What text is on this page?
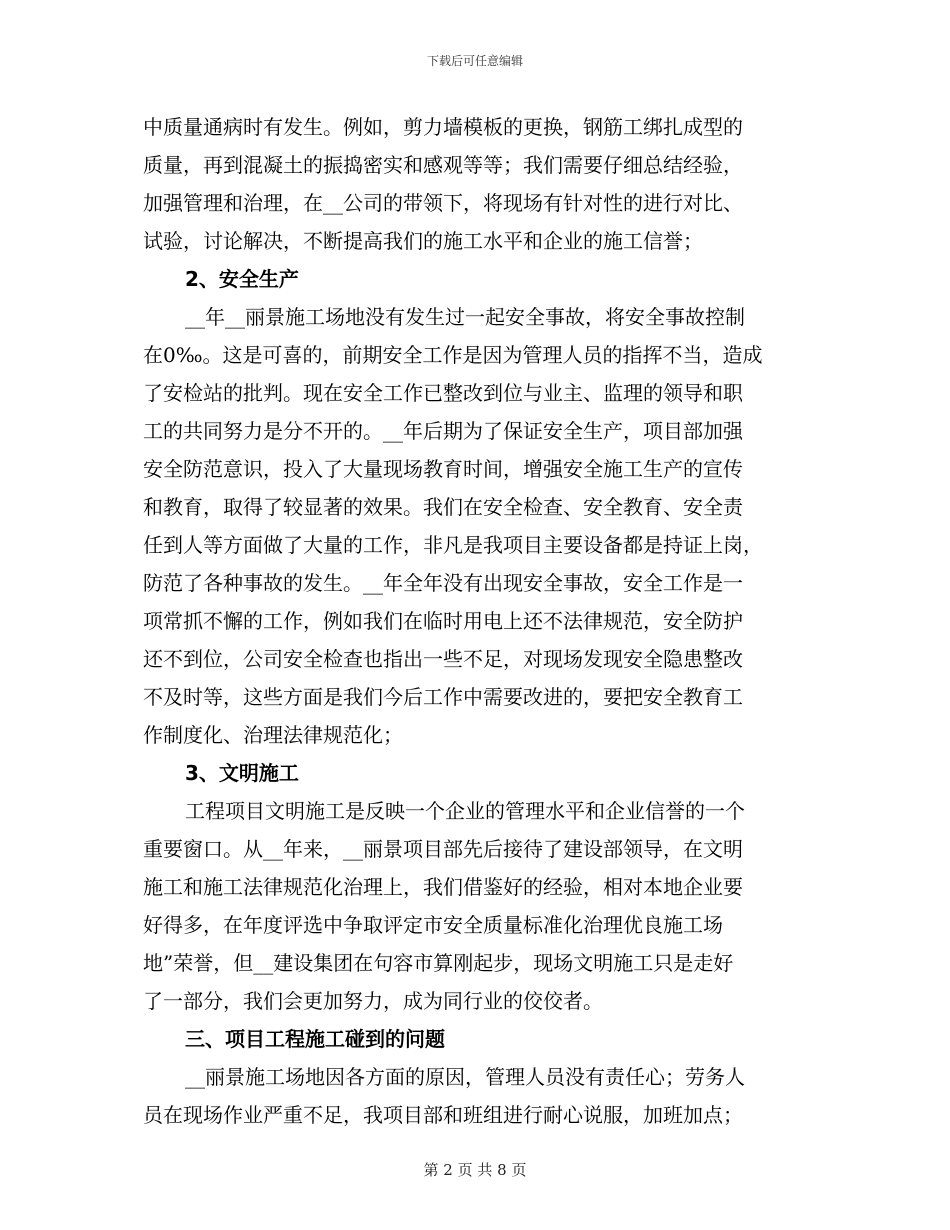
下载后可任意编辑
中质量通病时有发生。例如，剪力墙模板的更换，钢筋工绑扎成型的
质量，再到混凝土的振捣密实和感观等等；我们需要仔细总结经验，
加强管理和治理，在__公司的带领下，将现场有针对性的进行对比、
试验，讨论解决，不断提高我们的施工水平和企业的施工信誉；
2、安全生产
__年__丽景施工场地没有发生过一起安全事故，将安全事故控制
在0‰。这是可喜的，前期安全工作是因为管理人员的指挥不当，造成
了安检站的批判。现在安全工作已整改到位与业主、监理的领导和职
工的共同努力是分不开的。__年后期为了保证安全生产，项目部加强
安全防范意识，投入了大量现场教育时间，增强安全施工生产的宣传
和教育，取得了较显著的效果。我们在安全检查、安全教育、安全责
任到人等方面做了大量的工作，非凡是我项目主要设备都是持证上岗，
防范了各种事故的发生。__年全年没有出现安全事故，安全工作是一
项常抓不懈的工作，例如我们在临时用电上还不法律规范，安全防护
还不到位，公司安全检查也指出一些不足，对现场发现安全隐患整改
不及时等，这些方面是我们今后工作中需要改进的，要把安全教育工
作制度化、治理法律规范化；
3、文明施工
工程项目文明施工是反映一个企业的管理水平和企业信誉的一个
重要窗口。从__年来，__丽景项目部先后接待了建设部领导，在文明
施工和施工法律规范化治理上，我们借鉴好的经验，相对本地企业要
好得多，在年度评选中争取评定市安全质量标准化治理优良施工场
地”荣誉，但__建设集团在句容市算刚起步，现场文明施工只是走好
了一部分，我们会更加努力，成为同行业的佼佼者。
三、项目工程施工碰到的问题
__丽景施工场地因各方面的原因，管理人员没有责任心；劳务人
员在现场作业严重不足，我项目部和班组进行耐心说服，加班加点；
第 2 页 共 8 页
